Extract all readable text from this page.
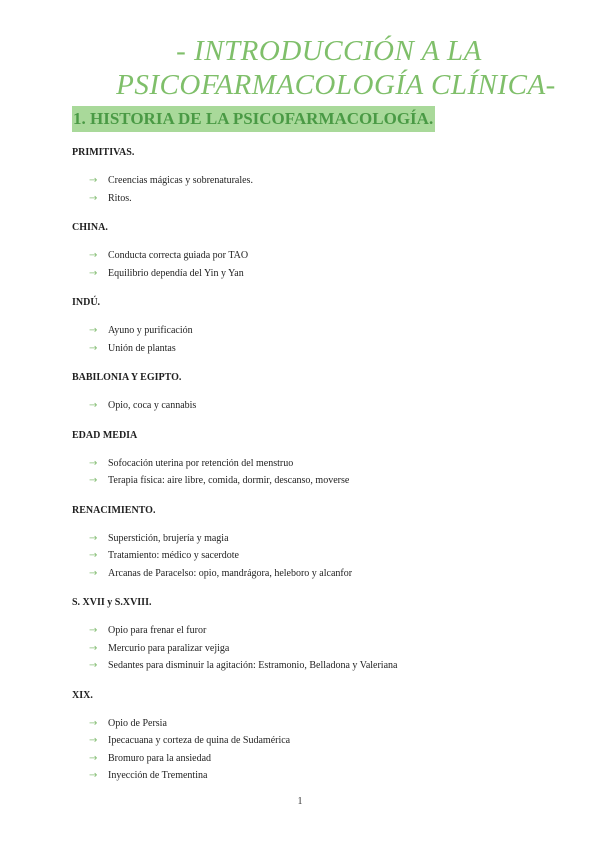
- INTRODUCCIÓN A LA
PSICOFARMACOLOGÍA CLÍNICA-
1. HISTORIA DE LA PSICOFARMACOLOGÍA.
PRIMITIVAS.
→ Creencias mágicas y sobrenaturales.
→ Ritos.
CHINA.
→ Conducta correcta guiada por TAO
→ Equilibrio dependía del Yin y Yan
INDÚ.
→ Ayuno y purificación
→ Unión de plantas
BABILONIA Y EGIPTO.
→ Opio, coca y cannabis
EDAD MEDIA
→ Sofocación uterina por retención del menstruo
→ Terapia física: aire libre, comida, dormir, descanso, moverse
RENACIMIENTO.
→ Superstición, brujería y magia
→ Tratamiento: médico y sacerdote
→ Arcanas de Paracelso: opio, mandrágora, heleboro y alcanfor
S. XVII y S.XVIII.
→ Opio para frenar el furor
→ Mercurio para paralizar vejiga
→ Sedantes para disminuir la agitación: Estramonio, Belladona y Valeriana
XIX.
→ Opio de Persia
→ Ipecacuana y corteza de quina de Sudamérica
→ Bromuro para la ansiedad
→ Inyección de Trementina
1
